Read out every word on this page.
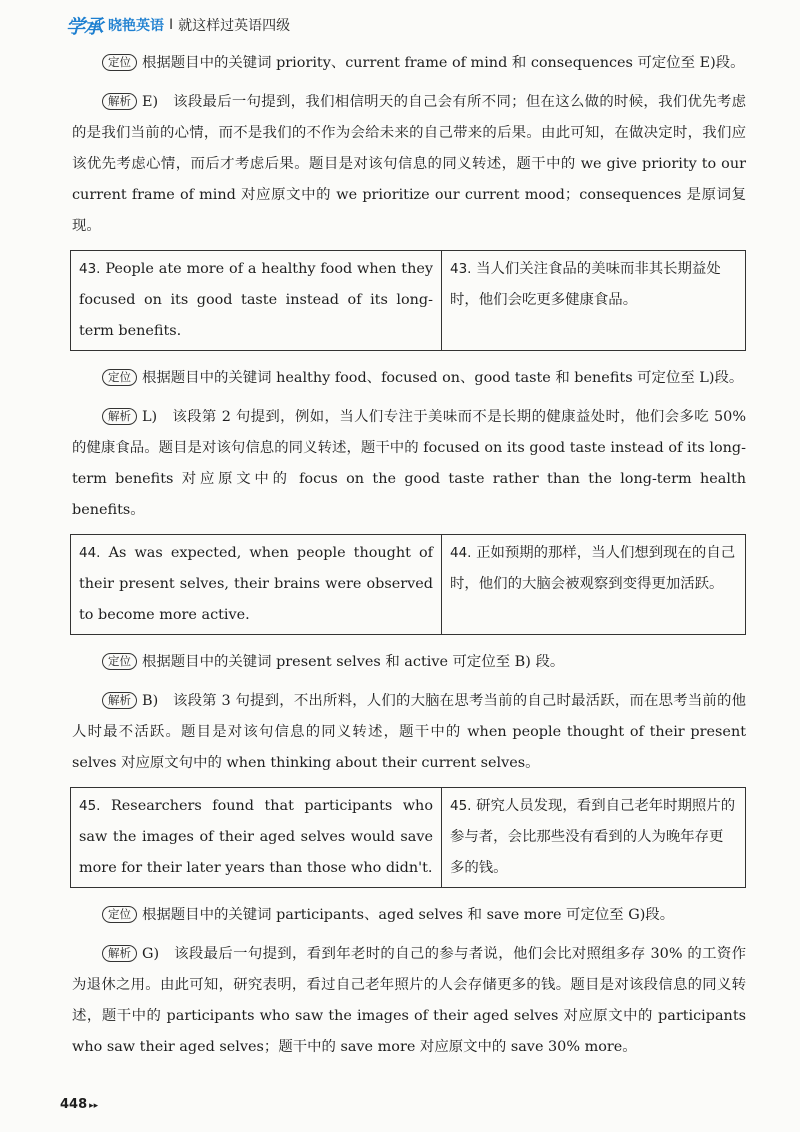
学承 晓艳英语 I 就这样过英语四级

定位 根据题目中的关键词 priority、current frame of mind 和 consequences 可定位至 E)段。

解析 E)　该段最后一句提到，我们相信明天的自己会有所不同；但在这么做的时候，我们优先考虑的是我们当前的心情，而不是我们的不作为会给未来的自己带来的后果。由此可知，在做决定时，我们应该优先考虑心情，而后才考虑后果。题目是对该句信息的同义转述，题干中的 we give priority to our current frame of mind 对应原文中的 we prioritize our current mood；consequences 是原词复现。

43. People ate more of a healthy food when they focused on its good taste instead of its long-term benefits.	43. 当人们关注食品的美味而非其长期益处时，他们会吃更多健康食品。

定位 根据题目中的关键词 healthy food、focused on、good taste 和 benefits 可定位至 L)段。

解析 L)　该段第 2 句提到，例如，当人们专注于美味而不是长期的健康益处时，他们会多吃 50% 的健康食品。题目是对该句信息的同义转述，题干中的 focused on its good taste instead of its long-term benefits 对应原文中的 focus on the good taste rather than the long-term health benefits。

44. As was expected, when people thought of their present selves, their brains were observed to become more active.	44. 正如预期的那样，当人们想到现在的自己时，他们的大脑会被观察到变得更加活跃。

定位 根据题目中的关键词 present selves 和 active 可定位至 B) 段。

解析 B)　该段第 3 句提到，不出所料，人们的大脑在思考当前的自己时最活跃，而在思考当前的他人时最不活跃。题目是对该句信息的同义转述，题干中的 when people thought of their present selves 对应原文句中的 when thinking about their current selves。

45. Researchers found that participants who saw the images of their aged selves would save more for their later years than those who didn't.	45. 研究人员发现，看到自己老年时期照片的参与者，会比那些没有看到的人为晚年存更多的钱。

定位 根据题目中的关键词 participants、aged selves 和 save more 可定位至 G)段。

解析 G)　该段最后一句提到，看到年老时的自己的参与者说，他们会比对照组多存 30% 的工资作为退休之用。由此可知，研究表明，看过自己老年照片的人会存储更多的钱。题目是对该段信息的同义转述，题干中的 participants who saw the images of their aged selves 对应原文中的 participants who saw their aged selves；题干中的 save more 对应原文中的 save 30% more。

448 ▸▸
